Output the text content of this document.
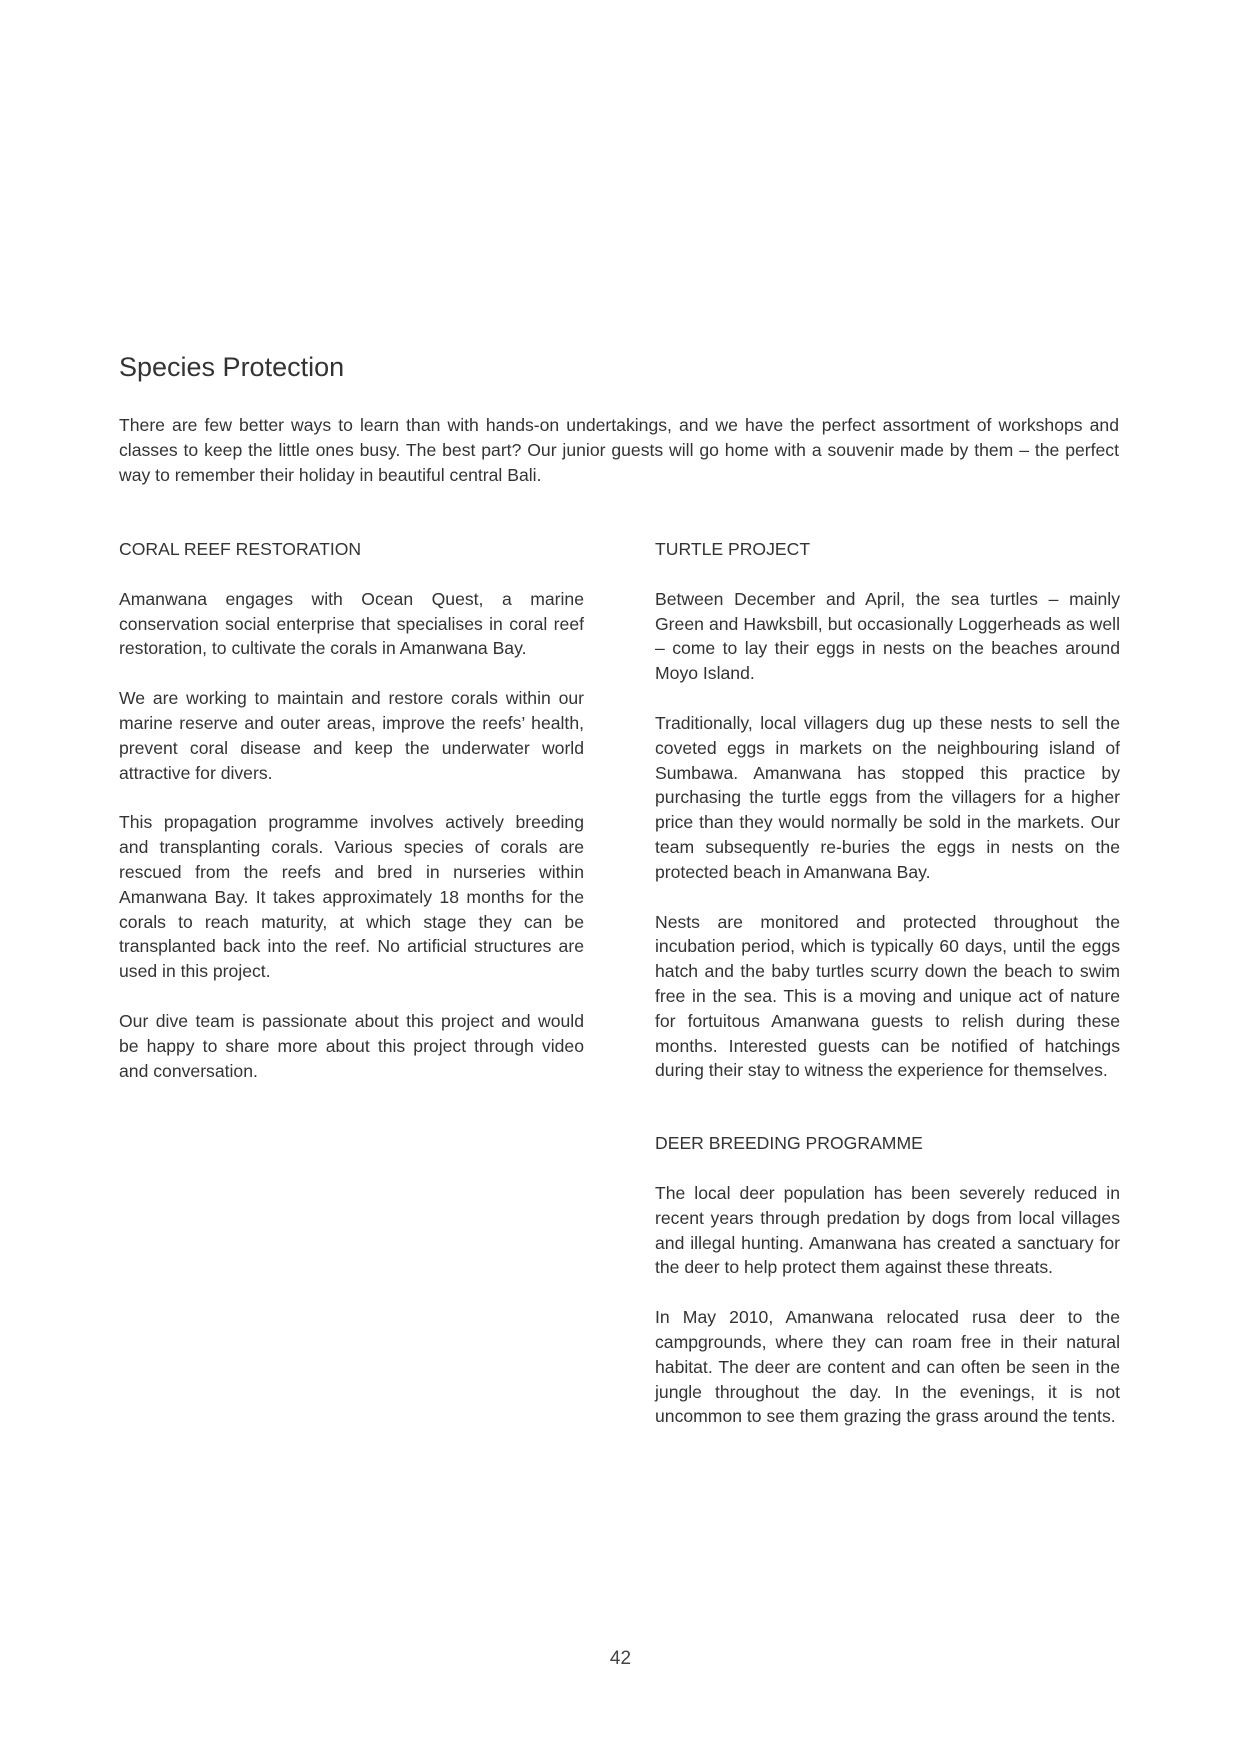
Species Protection

There are few better ways to learn than with hands-on undertakings, and we have the perfect assortment of workshops and classes to keep the little ones busy. The best part? Our junior guests will go home with a souvenir made by them – the perfect way to remember their holiday in beautiful central Bali.

CORAL REEF RESTORATION

Amanwana engages with Ocean Quest, a marine conservation social enterprise that specialises in coral reef restoration, to cultivate the corals in Amanwana Bay.

We are working to maintain and restore corals within our marine reserve and outer areas, improve the reefs’ health, prevent coral disease and keep the underwater world attractive for divers.

This propagation programme involves actively breeding and transplanting corals. Various species of corals are rescued from the reefs and bred in nurseries within Amanwana Bay. It takes approximately 18 months for the corals to reach maturity, at which stage they can be transplanted back into the reef. No artificial structures are used in this project.

Our dive team is passionate about this project and would be happy to share more about this project through video and conversation.

TURTLE PROJECT

Between December and April, the sea turtles – mainly Green and Hawksbill, but occasionally Loggerheads as well – come to lay their eggs in nests on the beaches around Moyo Island.

Traditionally, local villagers dug up these nests to sell the coveted eggs in markets on the neighbouring island of Sumbawa. Amanwana has stopped this practice by purchasing the turtle eggs from the villagers for a higher price than they would normally be sold in the markets. Our team subsequently re-buries the eggs in nests on the protected beach in Amanwana Bay.

Nests are monitored and protected throughout the incubation period, which is typically 60 days, until the eggs hatch and the baby turtles scurry down the beach to swim free in the sea. This is a moving and unique act of nature for fortuitous Amanwana guests to relish during these months. Interested guests can be notified of hatchings during their stay to witness the experience for themselves.

DEER BREEDING PROGRAMME

The local deer population has been severely reduced in recent years through predation by dogs from local villages and illegal hunting. Amanwana has created a sanctuary for the deer to help protect them against these threats.

In May 2010, Amanwana relocated rusa deer to the campgrounds, where they can roam free in their natural habitat. The deer are content and can often be seen in the jungle throughout the day. In the evenings, it is not uncommon to see them grazing the grass around the tents.

42
